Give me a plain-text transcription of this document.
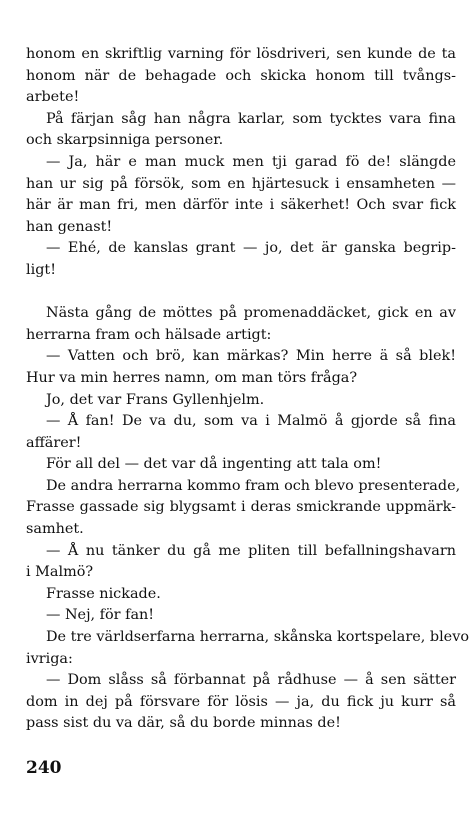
honom en skriftlig varning för lösdriveri, sen kunde de ta
honom när de behagade och skicka honom till tvångs-
arbete!
På färjan såg han några karlar, som tycktes vara fina
och skarpsinniga personer.
— Ja, här e man muck men tji garad fö de! slängde
han ur sig på försök, som en hjärtesuck i ensamheten —
här är man fri, men därför inte i säkerhet! Och svar fick
han genast!
— Ehé, de kanslas grant — jo, det är ganska begrip-
ligt!
Nästa gång de möttes på promenaddäcket, gick en av
herrarna fram och hälsade artigt:
— Vatten och brö, kan märkas? Min herre ä så blek!
Hur va min herres namn, om man törs fråga?
Jo, det var Frans Gyllenhjelm.
— Å fan! De va du, som va i Malmö å gjorde så fina
affärer!
För all del — det var då ingenting att tala om!
De andra herrarna kommo fram och blevo presenterade,
Frasse gassade sig blygsamt i deras smickrande uppmärk-
samhet.
— Å nu tänker du gå me pliten till befallningshavarn
i Malmö?
Frasse nickade.
— Nej, för fan!
De tre världserfarna herrarna, skånska kortspelare, blevo
ivriga:
— Dom slåss så förbannat på rådhuse — å sen sätter
dom in dej på försvare för lösis — ja, du fick ju kurr så
pass sist du va där, så du borde minnas de!
240
